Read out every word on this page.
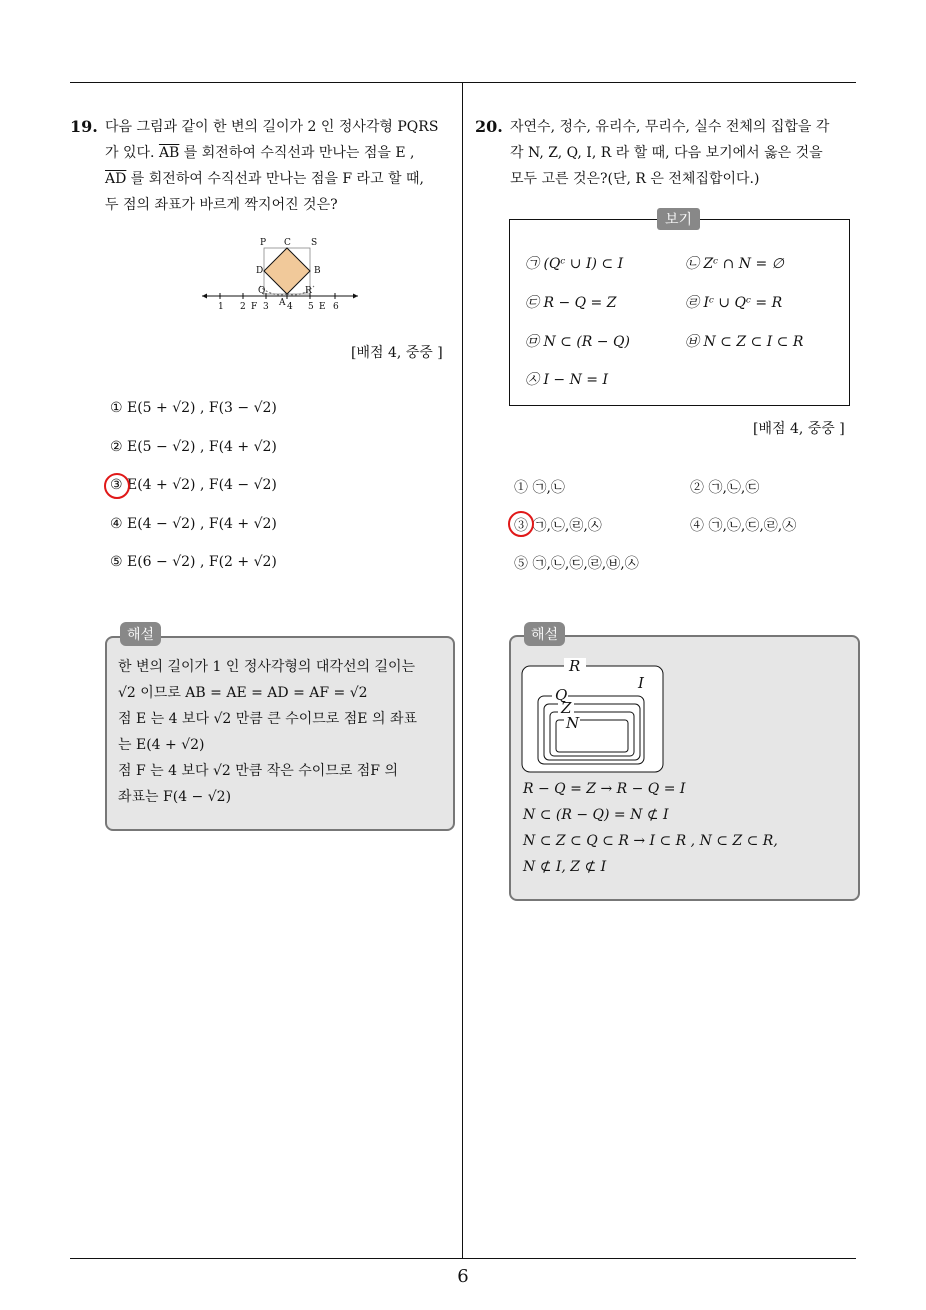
19. 다음 그림과 같이 한 변의 길이가 2 인 정사각형 PQRS
가 있다. $\overline{AB}$ 를 회전하여 수직선과 만나는 점을 E ,
$\overline{AD}$ 를 회전하여 수직선과 만나는 점을 F 라고 할 때,
두 점의 좌표가 바르게 짝지어진 것은?
P C S
D	B
Q	R
A
1 2 F 3 4 5 E 6
[배점 4, 중중 ]
① E(5 + √2) , F(3 − √2)
② E(5 − √2) , F(4 + √2)
③ E(4 + √2) , F(4 − √2)
④ E(4 − √2) , F(4 + √2)
⑤ E(6 − √2) , F(2 + √2)
해설
한 변의 길이가 1 인 정사각형의 대각선의 길이는
√2 이므로 AB = AE = AD = AF = √2
점 E 는 4 보다 √2 만큼 큰 수이므로 점E 의 좌표
는 E(4 + √2)
점 F 는 4 보다 √2 만큼 작은 수이므로 점F 의
좌표는 F(4 − √2)
20. 자연수, 정수, 유리수, 무리수, 실수 전체의 집합을 각
각 N, Z, Q, I, R 라 할 때, 다음 보기에서 옳은 것을
모두 고른 것은?(단, R 은 전체집합이다.)
보기
㉠ (Qᶜ ∪ I) ⊂ I	㉡ Zᶜ ∩ N = ∅
㉢ R − Q = Z	㉣ Iᶜ ∪ Qᶜ = R
㉤ N ⊂ (R − Q)	㉥ N ⊂ Z ⊂ I ⊂ R
㉦ I − N = I
[배점 4, 중중 ]
① ㉠,㉡	② ㉠,㉡,㉢
③ ㉠,㉡,㉣,㉦	④ ㉠,㉡,㉢,㉣,㉦
⑤ ㉠,㉡,㉢,㉣,㉥,㉦
해설
R
I
Q
Z
N
R − Q = Z → R − Q = I
N ⊂ (R − Q) = N ⊄ I
N ⊂ Z ⊂ Q ⊂ R → I ⊂ R , N ⊂ Z ⊂ R,
N ⊄ I, Z ⊄ I
6
